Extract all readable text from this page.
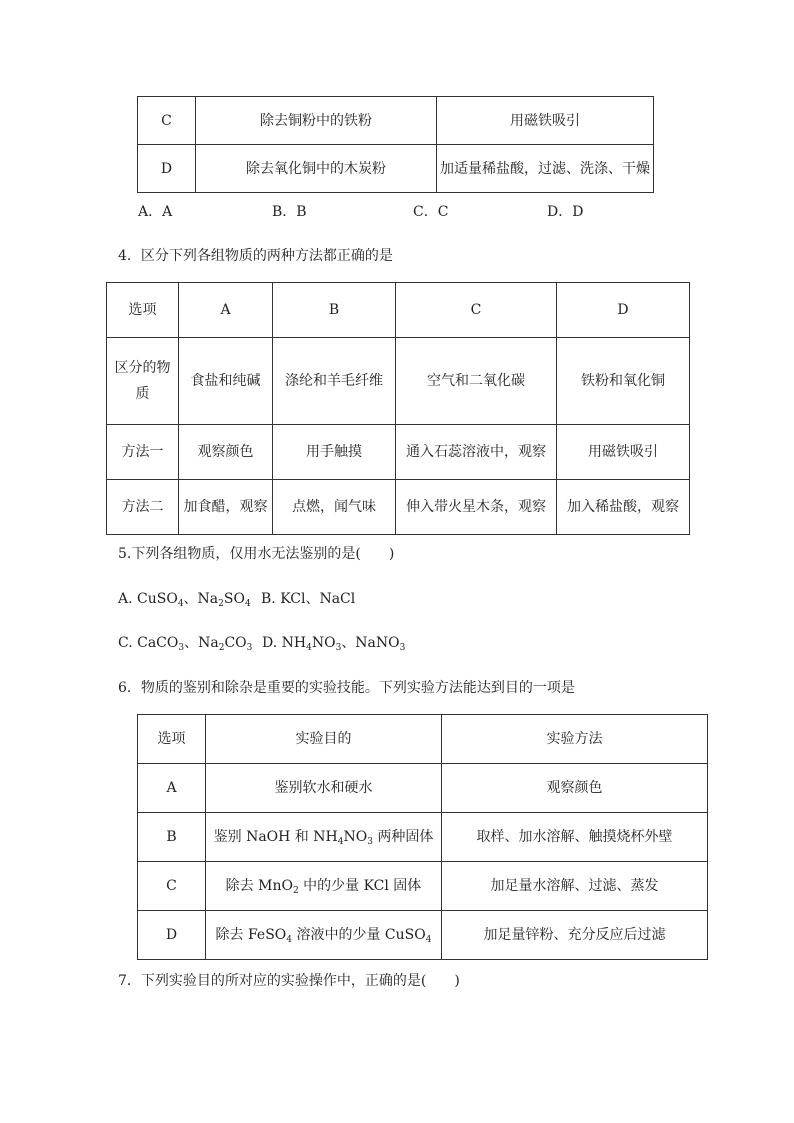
C	除去铜粉中的铁粉	用磁铁吸引
D	除去氧化铜中的木炭粉	加适量稀盐酸，过滤、洗涤、干燥
A．A	B．B	C．C	D．D
4．区分下列各组物质的两种方法都正确的是
选项	A	B	C	D
区分的物质	食盐和纯碱	涤纶和羊毛纤维	空气和二氧化碳	铁粉和氧化铜
方法一	观察颜色	用手触摸	通入石蕊溶液中，观察	用磁铁吸引
方法二	加食醋，观察	点燃，闻气味	伸入带火星木条，观察	加入稀盐酸，观察
5.下列各组物质，仅用水无法鉴别的是(　　)
A. CuSO$_4$、$Na_2SO_4$ B. KCl、NaCl
C. CaCO$_3$、$Na_2CO_3$ D. $NH_4NO_3$、NaNO$_3$
6．物质的鉴别和除杂是重要的实验技能。下列实验方法能达到目的一项是
选项	实验目的	实验方法
A	鉴别软水和硬水	观察颜色
B	鉴别 NaOH 和 $NH_4NO_3$ 两种固体	取样、加水溶解、触摸烧杯外壁
C	除去 MnO$_2$ 中的少量 KCl 固体	加足量水溶解、过滤、蒸发
D	除去 FeSO$_4$ 溶液中的少量 CuSO$_4$	加足量锌粉、充分反应后过滤
7．下列实验目的所对应的实验操作中，正确的是(　　)
